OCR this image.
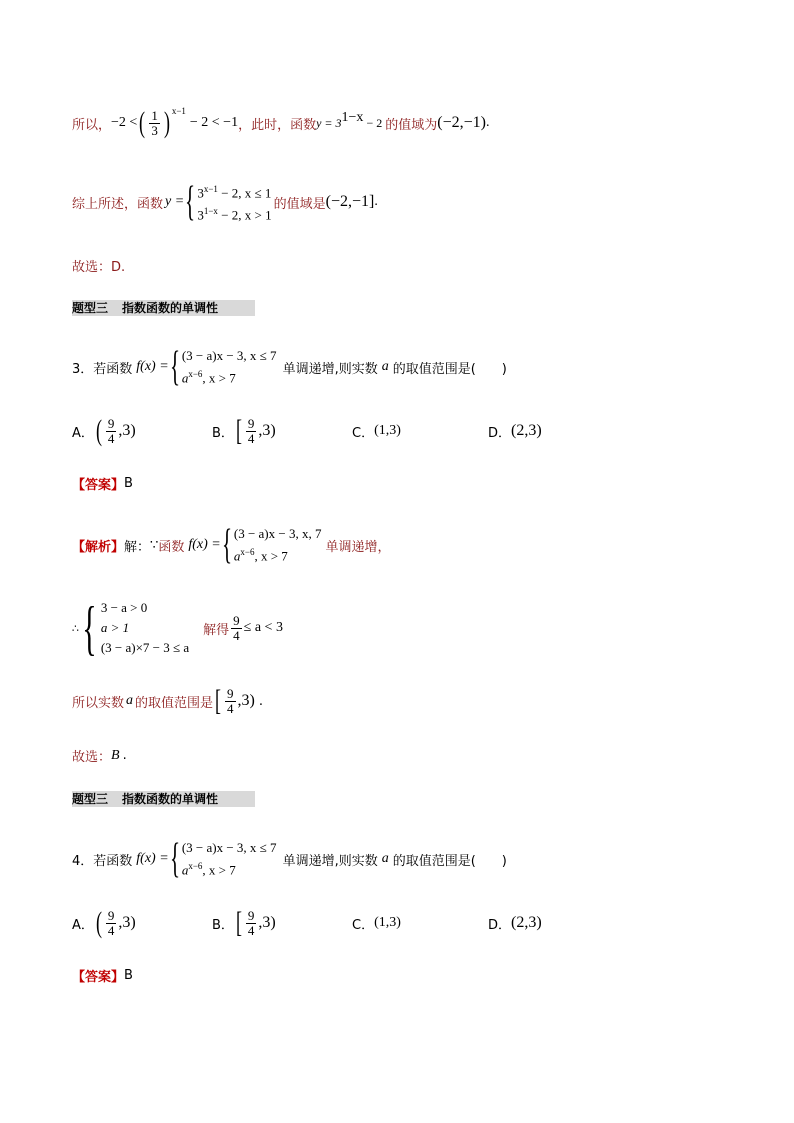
所以， −2 < ( $\frac{1}{3} )^{x-1}$
− 2 < −1 ，此时，函数 $y = 3^{1-x} - 2$ 的值域为 (−2,−1) .
综上所述，函数 y = { $3^{x-1} - 2$, x ≤ 1
$3^{1-x} - 2$, x > 1
的值域是 (−2,−1] .
故选：D.
题型三 指数函数的单调性
3．若函数 f(x) = { (3 − a)x − 3, x ≤ 7
$a^{x-6}$, x > 7
单调递增,则实数 a 的取值范围是( 　　)
A． ( $\frac{9}{4} ,3$)	B． [ $\frac{9}{4} ,3$)	C． (1,3)	D． (2,3)
【答案】 B
【解析】 解： ∵ 函数 f(x) = { (3 − a)x − 3, x, 7
$a^{x-6}$, x > 7
单调递增，
∴ { 3 − a > 0
a > 1
(3 − a)×7 − 3 ≤ a
解得 $\frac{9}{4} \le a < 3$
所以实数 a 的取值范围是 [ $\frac{9}{4} ,3$) .
故选： B .
题型三 指数函数的单调性
4．若函数 f(x) = { (3 − a)x − 3, x ≤ 7
$a^{x-6}$, x > 7
单调递增,则实数 a 的取值范围是( 　　)
A． ( $\frac{9}{4} ,3$)	B． [ $\frac{9}{4} ,3$)	C． (1,3)	D． (2,3)
【答案】 B
